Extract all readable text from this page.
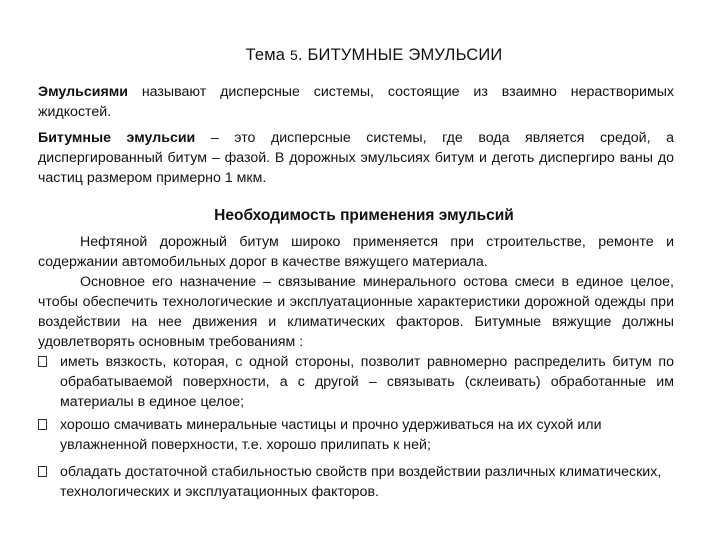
Тема 5. БИТУМНЫЕ ЭМУЛЬСИИ
Эмульсиями называют дисперсные системы, состоящие из взаимно нерастворимых жидкостей.
Битумные эмульсии – это дисперсные системы, где вода является средой, а диспергированный битум – фазой. В дорожных эмульсиях битум и деготь диспергиро ваны до частиц размером примерно 1 мкм.
Необходимость применения эмульсий
Нефтяной дорожный битум широко применяется при строительстве, ремонте и содержании автомобильных дорог в качестве вяжущего материала.
Основное его назначение – связывание минерального остова смеси в единое целое, чтобы обеспечить технологические и эксплуатационные характеристики дорожной одежды при воздействии на нее движения и климатических факторов. Битумные вяжущие должны удовлетворять основным требованиям :
иметь вязкость, которая, с одной стороны, позволит равномерно распределить битум по обрабатываемой поверхности, а с другой – связывать (склеивать) обработанные им материалы в единое целое;
хорошо смачивать минеральные частицы и прочно удерживаться на их сухой или увлажненной поверхности, т.е. хорошо прилипать к ней;
обладать достаточной стабильностью свойств при воздействии различных климатических, технологических и эксплуатационных факторов.
